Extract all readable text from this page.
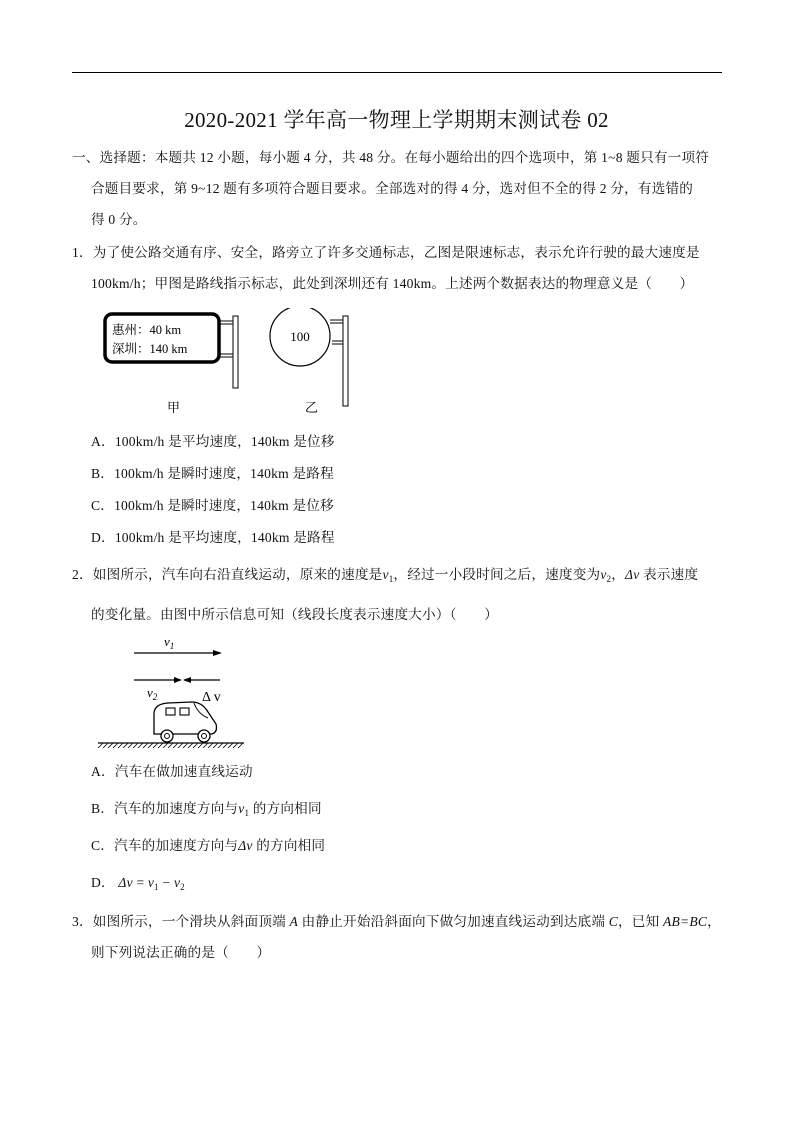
2020-2021 学年高一物理上学期期末测试卷 02
一、选择题：本题共 12 小题，每小题 4 分，共 48 分。在每小题给出的四个选项中，第 1~8 题只有一项符
合题目要求，第 9~12 题有多项符合题目要求。全部选对的得 4 分，选对但不全的得 2 分，有选错的
得 0 分。
1．为了使公路交通有序、安全，路旁立了许多交通标志，乙图是限速标志，表示允许行驶的最大速度是
100km/h；甲图是路线指示标志，此处到深圳还有 140km。上述两个数据表达的物理意义是（　　）
惠州：40 km
深圳：140 km
甲
100
乙
A．100km/h 是平均速度，140km 是位移
B．100km/h 是瞬时速度，140km 是路程
C．100km/h 是瞬时速度，140km 是位移
D．100km/h 是平均速度，140km 是路程
2．如图所示，汽车向右沿直线运动，原来的速度是$v_1$，经过一小段时间之后，速度变为$v_2$，Δv 表示速度
的变化量。由图中所示信息可知（线段长度表示速度大小）（　　）
$v_1$
$v_2$	Δ v
A．汽车在做加速直线运动
B．汽车的加速度方向与$v_1$ 的方向相同
C．汽车的加速度方向与Δv 的方向相同
D． $\Delta v = v_1 - v_2$
3．如图所示，一个滑块从斜面顶端 A 由静止开始沿斜面向下做匀加速直线运动到达底端 C，已知 AB=BC，
则下列说法正确的是（　　）
